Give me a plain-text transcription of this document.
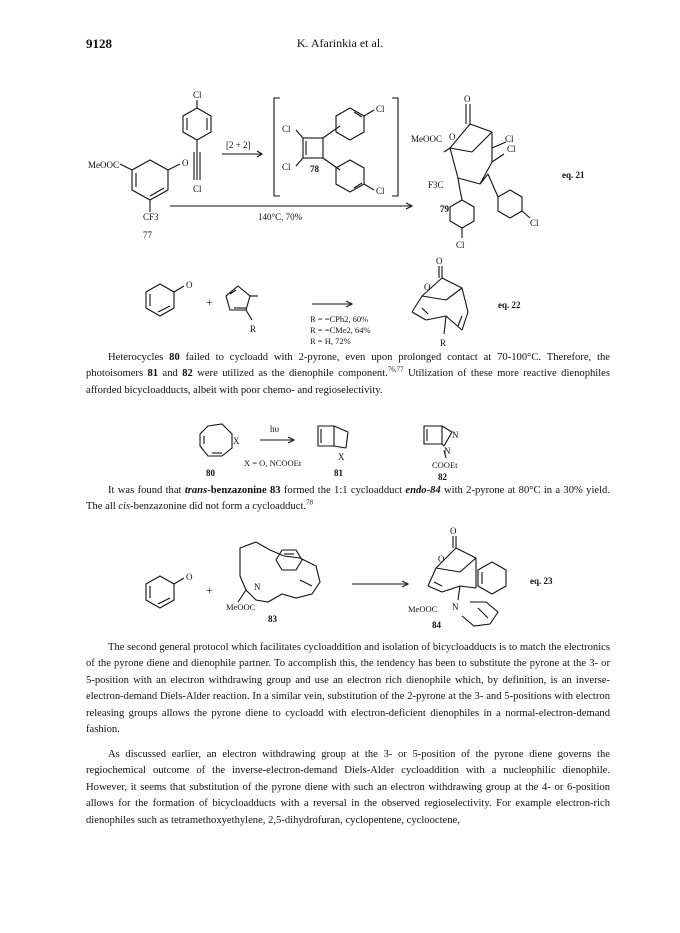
9128	K. Afarinkia et al.
Cl
Cl
MeOOC	O
CF3
77
[2 + 2]
Cl
Cl
Cl
Cl
78
140°C, 70%
MeOOC
O
O
Cl
Cl
Cl
Cl
F3C
79
eq. 21
O
+
R
R = =CPh2, 60%
R = =CMe2, 64%
R = H, 72%
O
O
R
eq. 22
Heterocycles 80 failed to cycloadd with 2-pyrone, even upon prolonged contact at 70-100°C. Therefore, the photoisomers 81 and 82 were utilized as the dienophile component.$^{76,77}$ Utilization of these more reactive dienophiles afforded bicycloadducts, albeit with poor chemo- and regioselectivity.
X
hυ
X = O, NCOOEt
80
X
81
N
N
COOEt
82
It was found that trans-benzazonine 83 formed the 1:1 cycloadduct endo-84 with 2-pyrone at 80°C in a 30% yield. The all cis-benzazonine did not form a cycloadduct.$^{78}$
O
+	N
MeOOC
83
O
O
MeOOC N
84
eq. 23
The second general protocol which facilitates cycloaddition and isolation of bicycloadducts is to match the electronics of the pyrone diene and dienophile partner. To accomplish this, the tendency has been to substitute the pyrone at the 3- or 5-position with an electron withdrawing group and use an electron rich dienophile which, by definition, is an inverse-electron-demand Diels-Alder reaction. In a similar vein, substitution of the 2-pyrone at the 3- and 5-positions with electron releasing groups allows the pyrone diene to cycloadd with electron-deficient dienophiles in a normal-electron-demand fashion.
As discussed earlier, an electron withdrawing group at the 3- or 5-position of the pyrone diene governs the regiochemical outcome of the inverse-electron-demand Diels-Alder cycloaddition with a nucleophilic dienophile. However, it seems that substitution of the pyrone diene with such an electron withdrawing group at the 4- or 6-position allows for the formation of bicycloadducts with a reversal in the observed regioselectivity. For example electron-rich dienophiles such as tetramethoxyethylene, 2,5-dihydrofuran, cyclopentene, cyclooctene,
